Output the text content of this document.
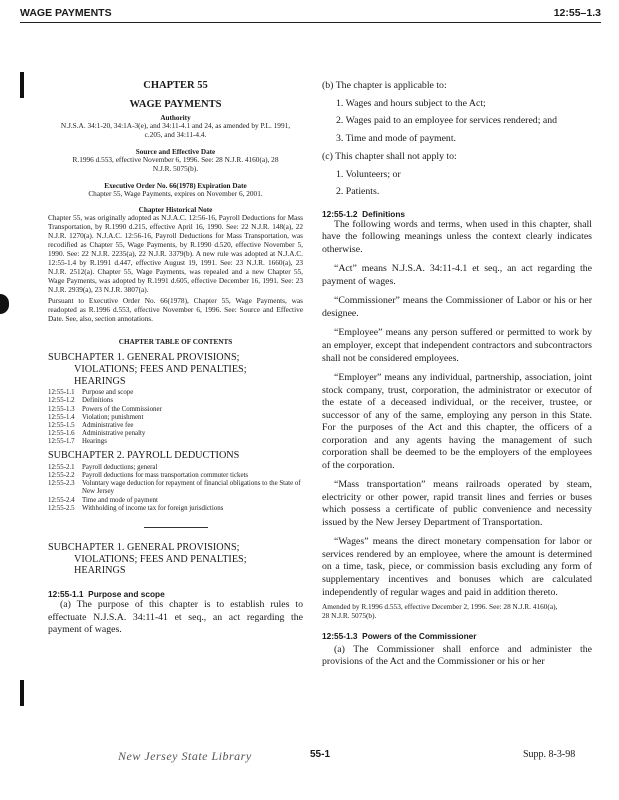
WAGE PAYMENTS	12:55–1.3

CHAPTER 55

WAGE PAYMENTS

Authority

N.J.S.A. 34:1-20, 34:1A-3(e), and 34:11-4.1 and 24, as amended by P.L. 1991, c.205, and 34:11-4.4.

Source and Effective Date

R.1996 d.553, effective November 6, 1996. See: 28 N.J.R. 4160(a), 28 N.J.R. 5075(b).

Executive Order No. 66(1978) Expiration Date

Chapter 55, Wage Payments, expires on November 6, 2001.

Chapter Historical Note

Chapter 55, was originally adopted as N.J.A.C. 12:56-16, Payroll Deductions for Mass Transportation, by R.1990 d.215, effective April 16, 1990. See: 22 N.J.R. 148(a), 22 N.J.R. 1270(a). N.J.A.C. 12:56-16, Payroll Deductions for Mass Transportation, was recodified as Chapter 55, Wage Payments, by R.1990 d.520, effective November 5, 1990. See: 22 N.J.R. 2235(a), 22 N.J.R. 3379(b). A new rule was adopted at N.J.A.C. 12:55-1.4 by R.1991 d.447, effective August 19, 1991. See: 23 N.J.R. 1660(a), 23 N.J.R. 2512(a). Chapter 55, Wage Payments, was repealed and a new Chapter 55, Wage Payments, was adopted by R.1991 d.605, effective December 16, 1991. See: 23 N.J.R. 2939(a), 23 N.J.R. 3807(a).

Pursuant to Executive Order No. 66(1978), Chapter 55, Wage Payments, was readopted as R.1996 d.553, effective November 6, 1996. See: Source and Effective Date. See, also, section annotations.

CHAPTER TABLE OF CONTENTS

SUBCHAPTER 1. GENERAL PROVISIONS;
VIOLATIONS; FEES AND PENALTIES;
HEARINGS

12:55-1.1	Purpose and scope
12:55-1.2	Definitions
12:55-1.3	Powers of the Commissioner
12:55-1.4	Violation; punishment
12:55-1.5	Administrative fee
12:55-1.6	Administrative penalty
12:55-1.7	Hearings

SUBCHAPTER 2. PAYROLL DEDUCTIONS

12:55-2.1	Payroll deductions; general
12:55-2.2	Payroll deductions for mass transportation commuter tickets
12:55-2.3	Voluntary wage deduction for repayment of financial obligations to the State of New Jersey
12:55-2.4	Time and mode of payment
12:55-2.5	Withholding of income tax for foreign jurisdictions

SUBCHAPTER 1. GENERAL PROVISIONS;
VIOLATIONS; FEES AND PENALTIES;
HEARINGS

12:55-1.1 Purpose and scope

(a) The purpose of this chapter is to establish rules to effectuate N.J.S.A. 34:11-41 et seq., an act regarding the payment of wages.

(b) The chapter is applicable to:

1. Wages and hours subject to the Act;

2. Wages paid to an employee for services rendered; and

3. Time and mode of payment.

(c) This chapter shall not apply to:

1. Volunteers; or

2. Patients.

12:55-1.2 Definitions

The following words and terms, when used in this chapter, shall have the following meanings unless the context clearly indicates otherwise.

“Act” means N.J.S.A. 34:11-4.1 et seq., an act regarding the payment of wages.

“Commissioner” means the Commissioner of Labor or his or her designee.

“Employee” means any person suffered or permitted to work by an employer, except that independent contractors and subcontractors shall not be considered employees.

“Employer” means any individual, partnership, association, joint stock company, trust, corporation, the administrator or executor of the estate of a deceased individual, or the receiver, trustee, or successor of any of the same, employing any person in this State. For the purposes of the Act and this chapter, the officers of a corporation and any agents having the management of such corporation shall be deemed to be the employers of the employees of the corporation.

“Mass transportation” means railroads operated by steam, electricity or other power, rapid transit lines and ferries or buses which possess a certificate of public convenience and necessity issued by the New Jersey Department of Transportation.

“Wages” means the direct monetary compensation for labor or services rendered by an employee, where the amount is determined on a time, task, piece, or commission basis excluding any form of supplementary incentives and bonuses which are calculated independently of regular wages and paid in addition thereto.

Amended by R.1996 d.553, effective December 2, 1996. See: 28 N.J.R. 4160(a), 28 N.J.R. 5075(b).

12:55-1.3 Powers of the Commissioner

(a) The Commissioner shall enforce and administer the provisions of the Act and the Commissioner or his or her

New Jersey State Library	55-1	Supp. 8-3-98
